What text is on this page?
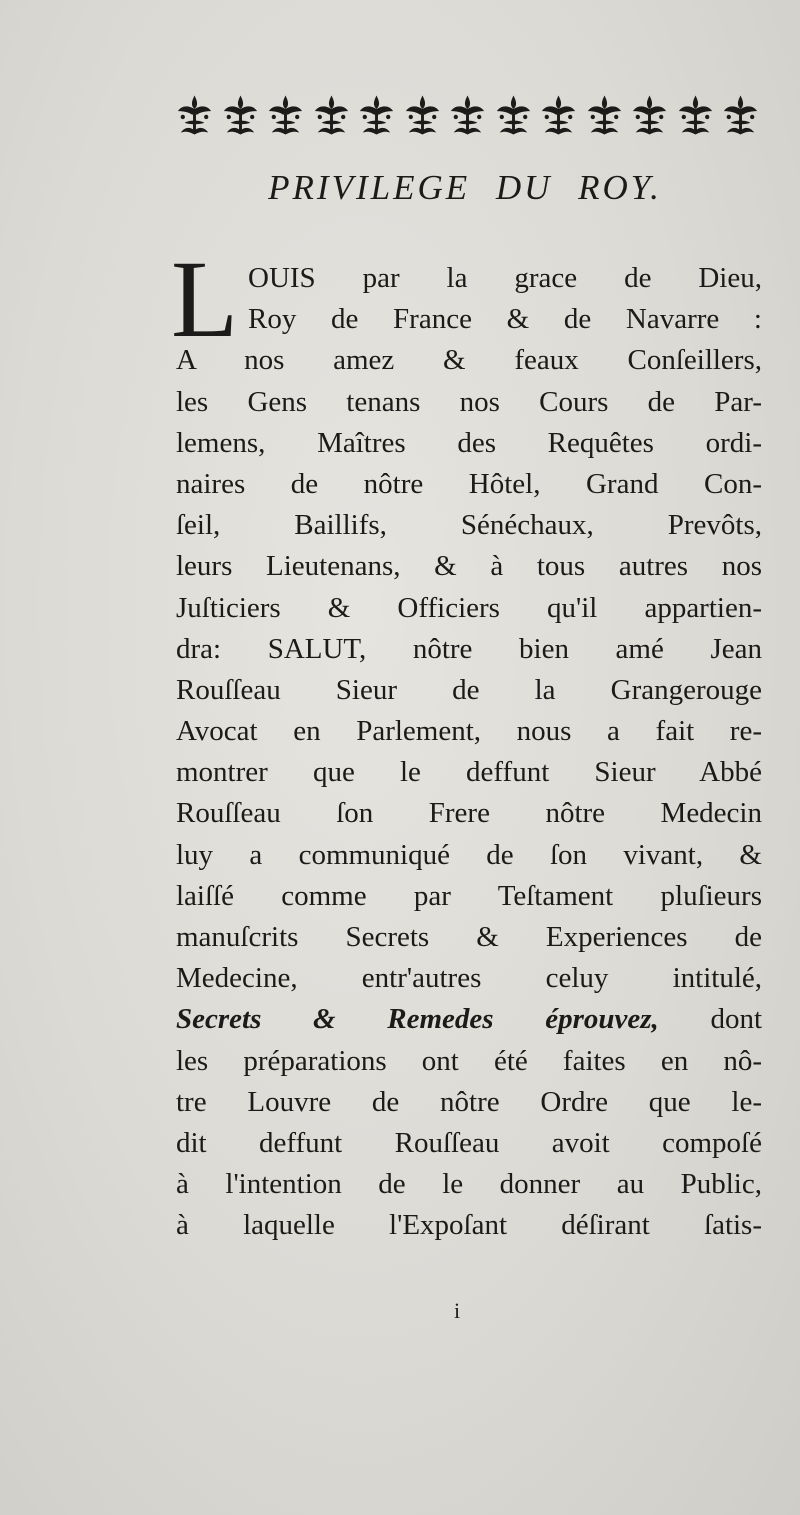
PRIVILEGE DU ROY.
L OUIS par la grace de Dieu,
Roy de France & de Navarre :
A nos amez & feaux Conſeillers,
les Gens tenans nos Cours de Par-
lemens, Maîtres des Requêtes ordi-
naires de nôtre Hôtel, Grand Con-
ſeil, Baillifs, Sénéchaux, Prevôts,
leurs Lieutenans, & à tous autres nos
Juſticiers & Officiers qu'il appartien-
dra: SALUT, nôtre bien amé Jean
Rouſſeau Sieur de la Grangerouge
Avocat en Parlement, nous a fait re-
montrer que le deffunt Sieur Abbé
Rouſſeau ſon Frere nôtre Medecin
luy a communiqué de ſon vivant, &
laiſſé comme par Teſtament pluſieurs
manuſcrits Secrets & Experiences de
Medecine, entr'autres celuy intitulé,
Secrets & Remedes éprouvez, dont
les préparations ont été faites en nô-
tre Louvre de nôtre Ordre que le-
dit deffunt Rouſſeau avoit compoſé
à l'intention de le donner au Public,
à laquelle l'Expoſant déſirant ſatis-
i
